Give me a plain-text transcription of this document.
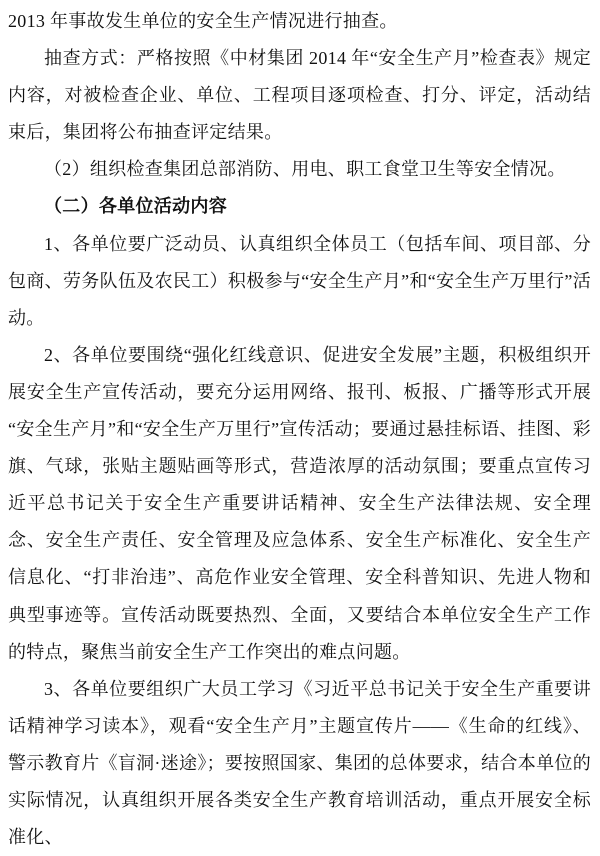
2013 年事故发生单位的安全生产情况进行抽查。

抽查方式：严格按照《中材集团 2014 年“安全生产月”检查表》规定内容，对被检查企业、单位、工程项目逐项检查、打分、评定，活动结束后，集团将公布抽查评定结果。

（2）组织检查集团总部消防、用电、职工食堂卫生等安全情况。

（二）各单位活动内容

1、各单位要广泛动员、认真组织全体员工（包括车间、项目部、分包商、劳务队伍及农民工）积极参与“安全生产月”和“安全生产万里行”活动。

2、各单位要围绕“强化红线意识、促进安全发展”主题，积极组织开展安全生产宣传活动，要充分运用网络、报刊、板报、广播等形式开展“安全生产月”和“安全生产万里行”宣传活动；要通过悬挂标语、挂图、彩旗、气球，张贴主题贴画等形式，营造浓厚的活动氛围；要重点宣传习近平总书记关于安全生产重要讲话精神、安全生产法律法规、安全理念、安全生产责任、安全管理及应急体系、安全生产标准化、安全生产信息化、“打非治违”、高危作业安全管理、安全科普知识、先进人物和典型事迹等。宣传活动既要热烈、全面，又要结合本单位安全生产工作的特点，聚焦当前安全生产工作突出的难点问题。

3、各单位要组织广大员工学习《习近平总书记关于安全生产重要讲话精神学习读本》，观看“安全生产月”主题宣传片——《生命的红线》、警示教育片《盲洞·迷途》；要按照国家、集团的总体要求，结合本单位的实际情况，认真组织开展各类安全生产教育培训活动，重点开展安全标准化、
